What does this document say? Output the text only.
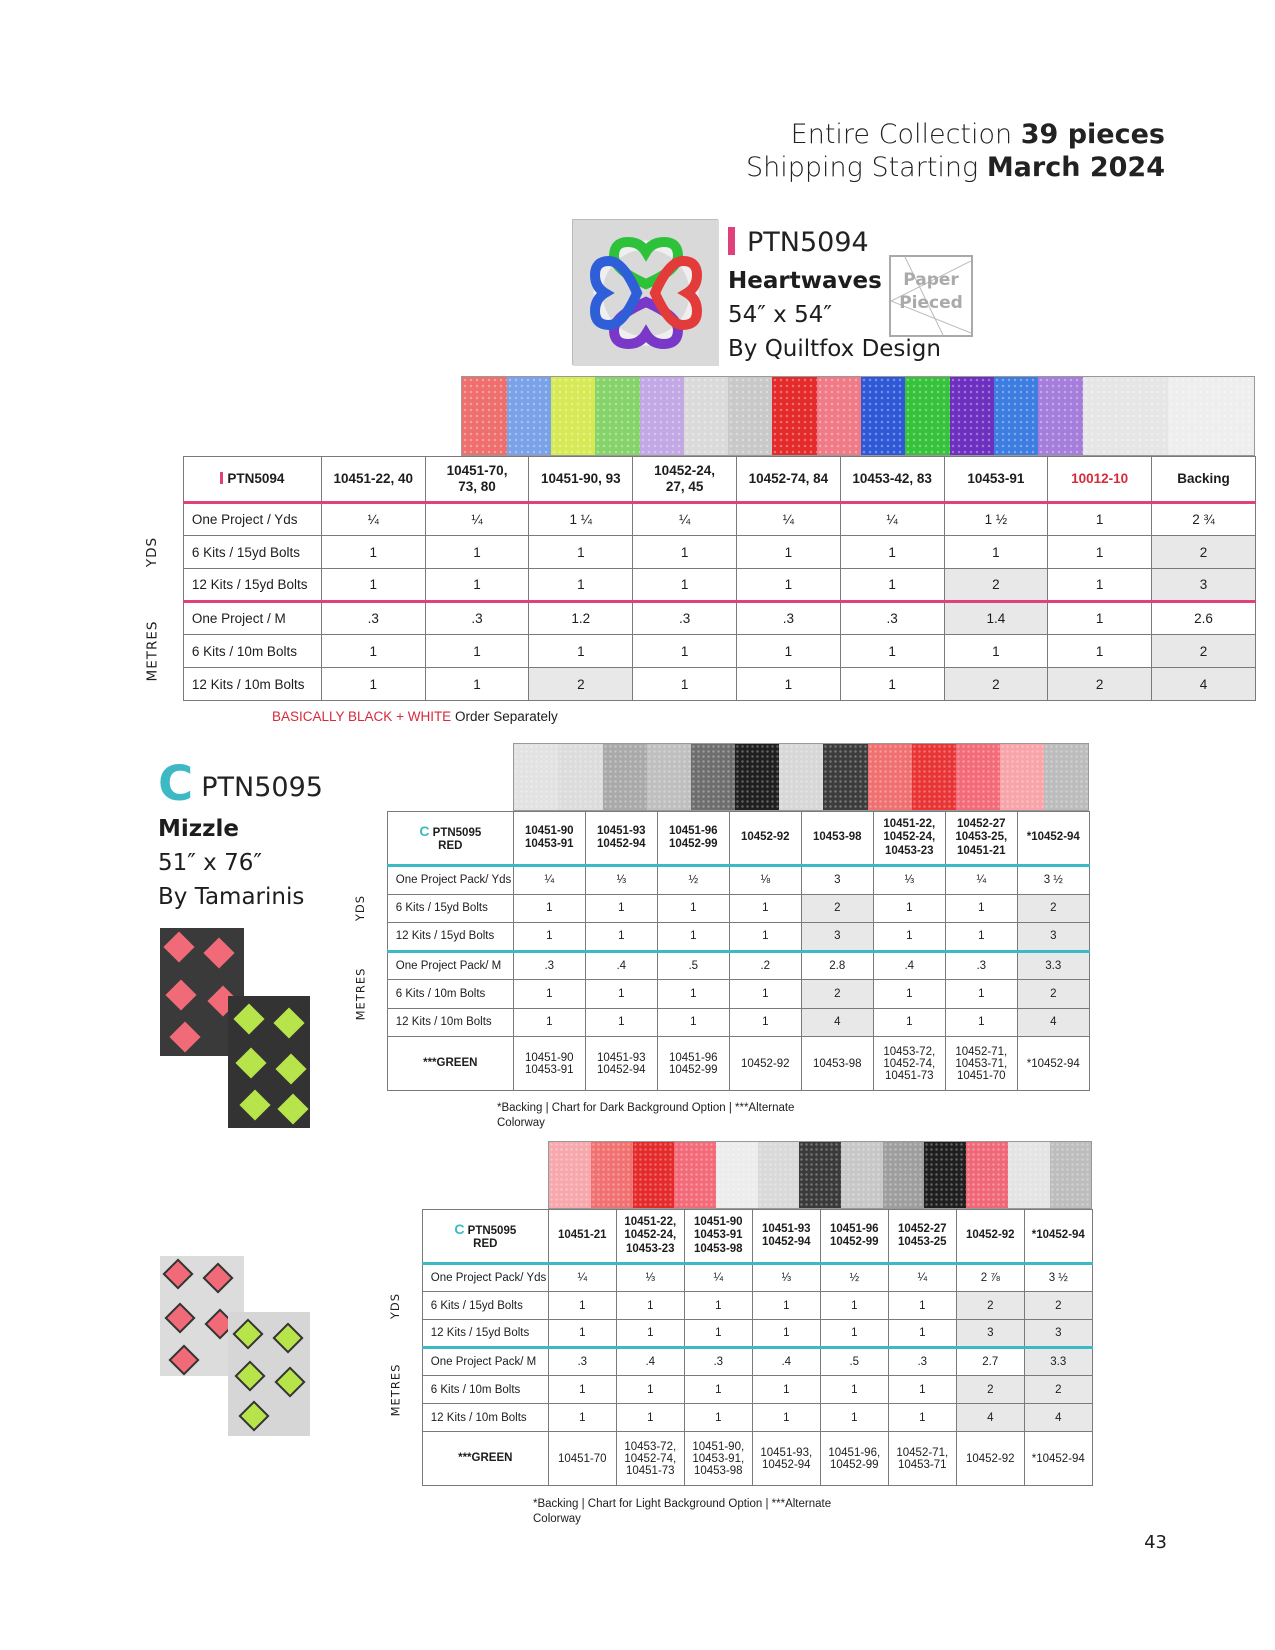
Entire Collection 39 pieces
Shipping Starting March 2024
PTN5094
Heartwaves
54″ x 54″
By Quiltfox Design
Paper
Pieced

	PTN5094	10451-22, 40	10451-70,
73, 80	10451-90, 93	10452-24,
27, 45	10452-74, 84	10453-42, 83	10453-91	10012-10	Backing
YDS	One Project / Yds	¼	¼	1 ¼	¼	¼	¼	1 ½	1	2 ¾
	6 Kits / 15yd Bolts	1	1	1	1	1	1	1	1	2
	12 Kits / 15yd Bolts	1	1	1	1	1	1	2	1	3
METRES	One Project / M	.3	.3	1.2	.3	.3	.3	1.4	1	2.6
	6 Kits / 10m Bolts	1	1	1	1	1	1	1	1	2
	12 Kits / 10m Bolts	1	1	2	1	1	1	2	2	4
BASICALLY BLACK + WHITE Order Separately
CPTN5095
Mizzle
51″ x 76″
By Tamarinis

	C PTN5095
RED	10451-90
10453-91	10451-93
10452-94	10451-96
10452-99	10452-92	10453-98	10451-22,
10452-24,
10453-23	10452-27
10453-25,
10451-21	*10452-94
YDS	One Project Pack/ Yds	¼	⅓	½	⅛	3	⅓	¼	3 ½
	6 Kits / 15yd Bolts	1	1	1	1	2	1	1	2
	12 Kits / 15yd Bolts	1	1	1	1	3	1	1	3
METRES	One Project Pack/ M	.3	.4	.5	.2	2.8	.4	.3	3.3
	6 Kits / 10m Bolts	1	1	1	1	2	1	1	2
	12 Kits / 10m Bolts	1	1	1	1	4	1	1	4
	***GREEN	10451-90
10453-91	10451-93
10452-94	10451-96
10452-99	10452-92	10453-98	10453-72,
10452-74,
10451-73	10452-71,
10453-71,
10451-70	*10452-94
*Backing | Chart for Dark Background Option | ***Alternate Colorway

	C PTN5095
RED	10451-21	10451-22,
10452-24,
10453-23	10451-90
10453-91
10453-98	10451-93
10452-94	10451-96
10452-99	10452-27
10453-25	10452-92	*10452-94
YDS	One Project Pack/ Yds	¼	⅓	¼	⅓	½	¼	2 ⅞	3 ½
	6 Kits / 15yd Bolts	1	1	1	1	1	1	2	2
	12 Kits / 15yd Bolts	1	1	1	1	1	1	3	3
METRES	One Project Pack/ M	.3	.4	.3	.4	.5	.3	2.7	3.3
	6 Kits / 10m Bolts	1	1	1	1	1	1	2	2
	12 Kits / 10m Bolts	1	1	1	1	1	1	4	4
	***GREEN	10451-70	10453-72,
10452-74,
10451-73	10451-90,
10453-91,
10453-98	10451-93,
10452-94	10451-96,
10452-99	10452-71,
10453-71	10452-92	*10452-94
*Backing | Chart for Light Background Option | ***Alternate Colorway
43
